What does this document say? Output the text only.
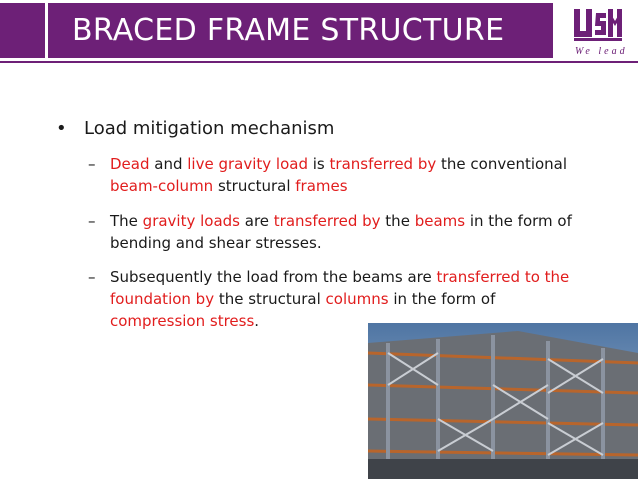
BRACED FRAME STRUCTURE
We lead
• Load mitigation mechanism
– Dead and live gravity load is transferred by the conventional beam-column structural frames
– The gravity loads are transferred by the beams in the form of bending and shear stresses.
– Subsequently the load from the beams are transferred to the foundation by the structural columns in the form of compression stress.
